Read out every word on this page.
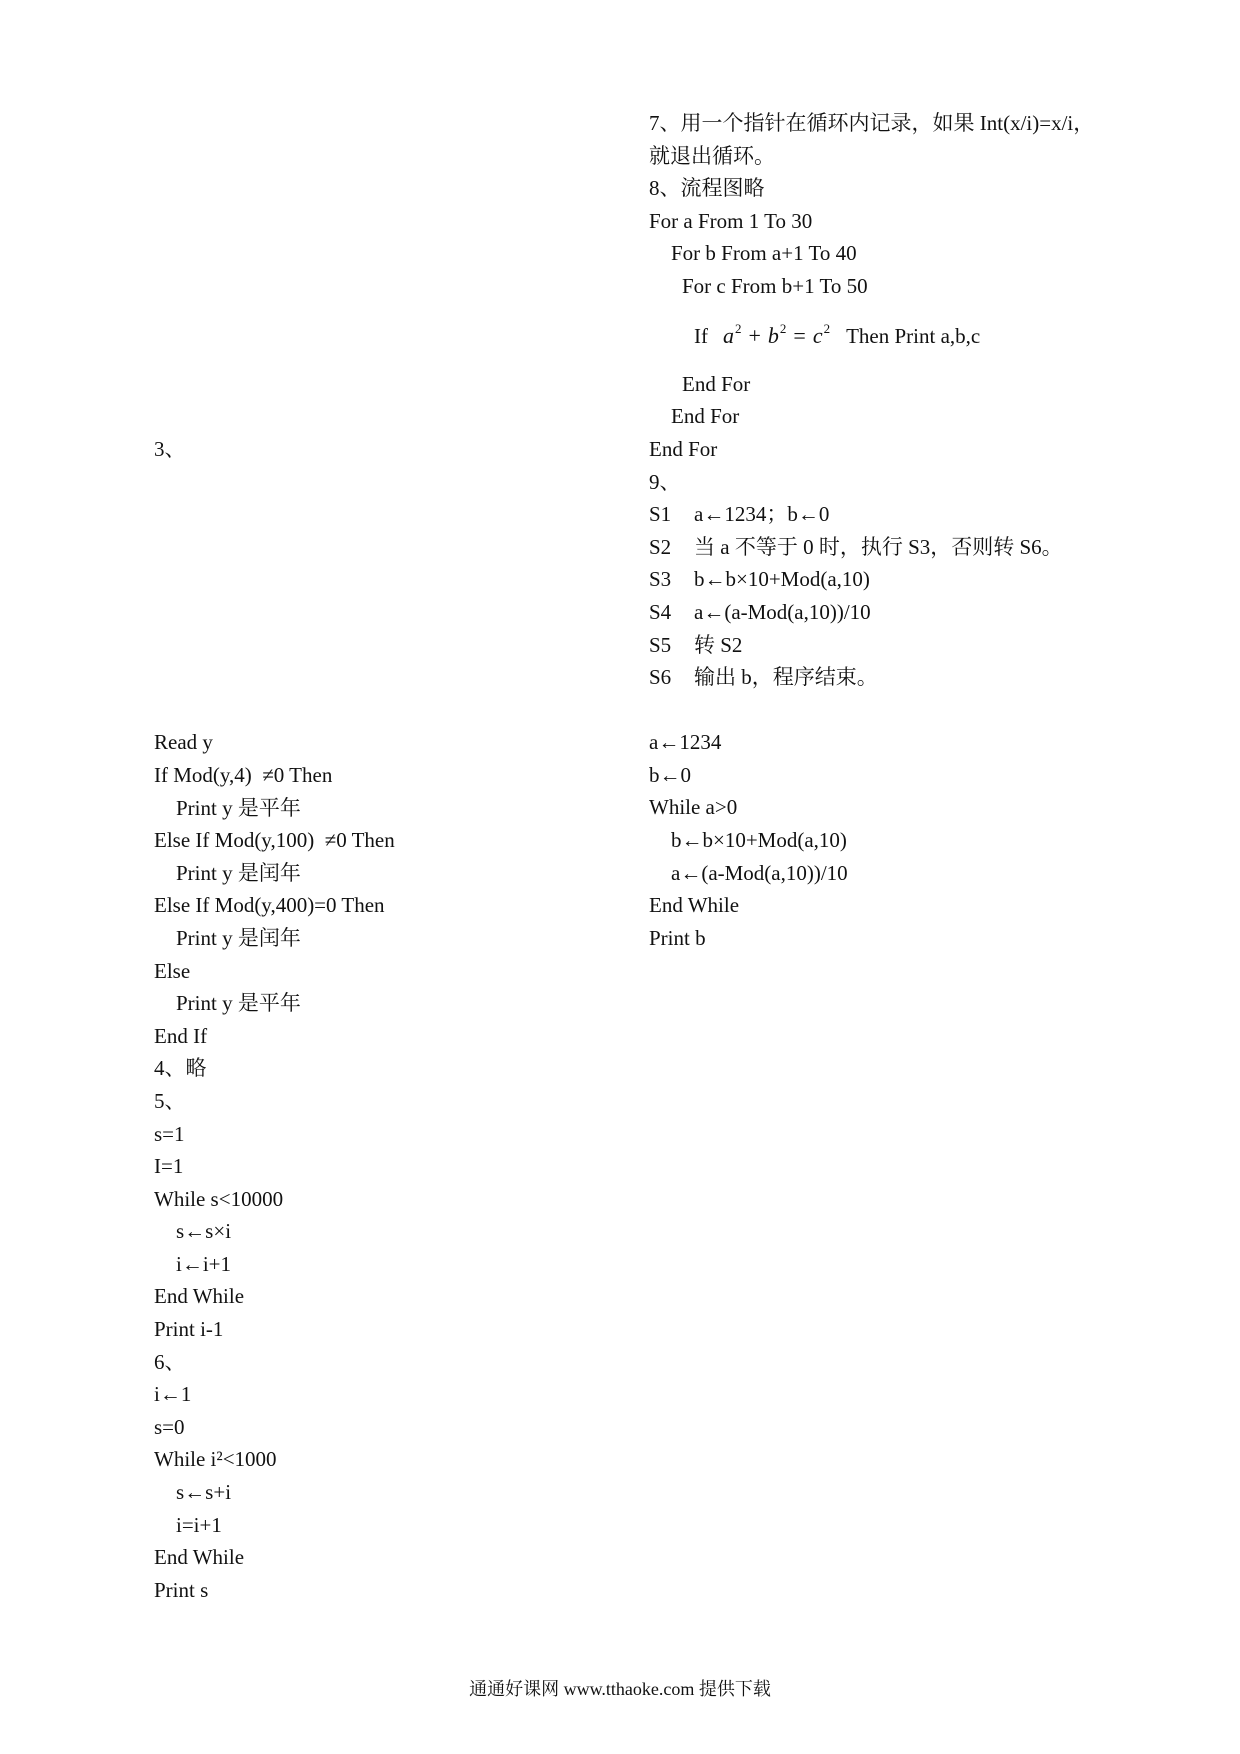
3、
Read y
If Mod(y,4)  ≠0 Then
Print y 是平年
Else If Mod(y,100)  ≠0 Then
Print y 是闰年
Else If Mod(y,400)=0 Then
Print y 是闰年
Else
Print y 是平年
End If
4、略
5、
s=1
I=1
While s<10000
s←s×i
i←i+1
End While
Print i-1
6、
i←1
s=0
While i²<1000
s←s+i
i=i+1
End While
Print s
7、用一个指针在循环内记录，如果 Int(x/i)=x/i，
就退出循环。
8、流程图略
For a From 1 To 30
For b From a+1 To 40
For c From b+1 To 50
If $a^2 + b^2 = c^2$ Then Print a,b,c
End For
End For
End For
9、
S1 a←1234；b←0
S2 当 a 不等于 0 时，执行 S3，否则转 S6。
S3 b←b×10+Mod(a,10)
S4 a←(a-Mod(a,10))/10
S5 转 S2
S6 输出 b，程序结束。
a←1234
b←0
While a>0
b←b×10+Mod(a,10)
a←(a-Mod(a,10))/10
End While
Print b
通通好课网 www.tthaoke.com 提供下载
